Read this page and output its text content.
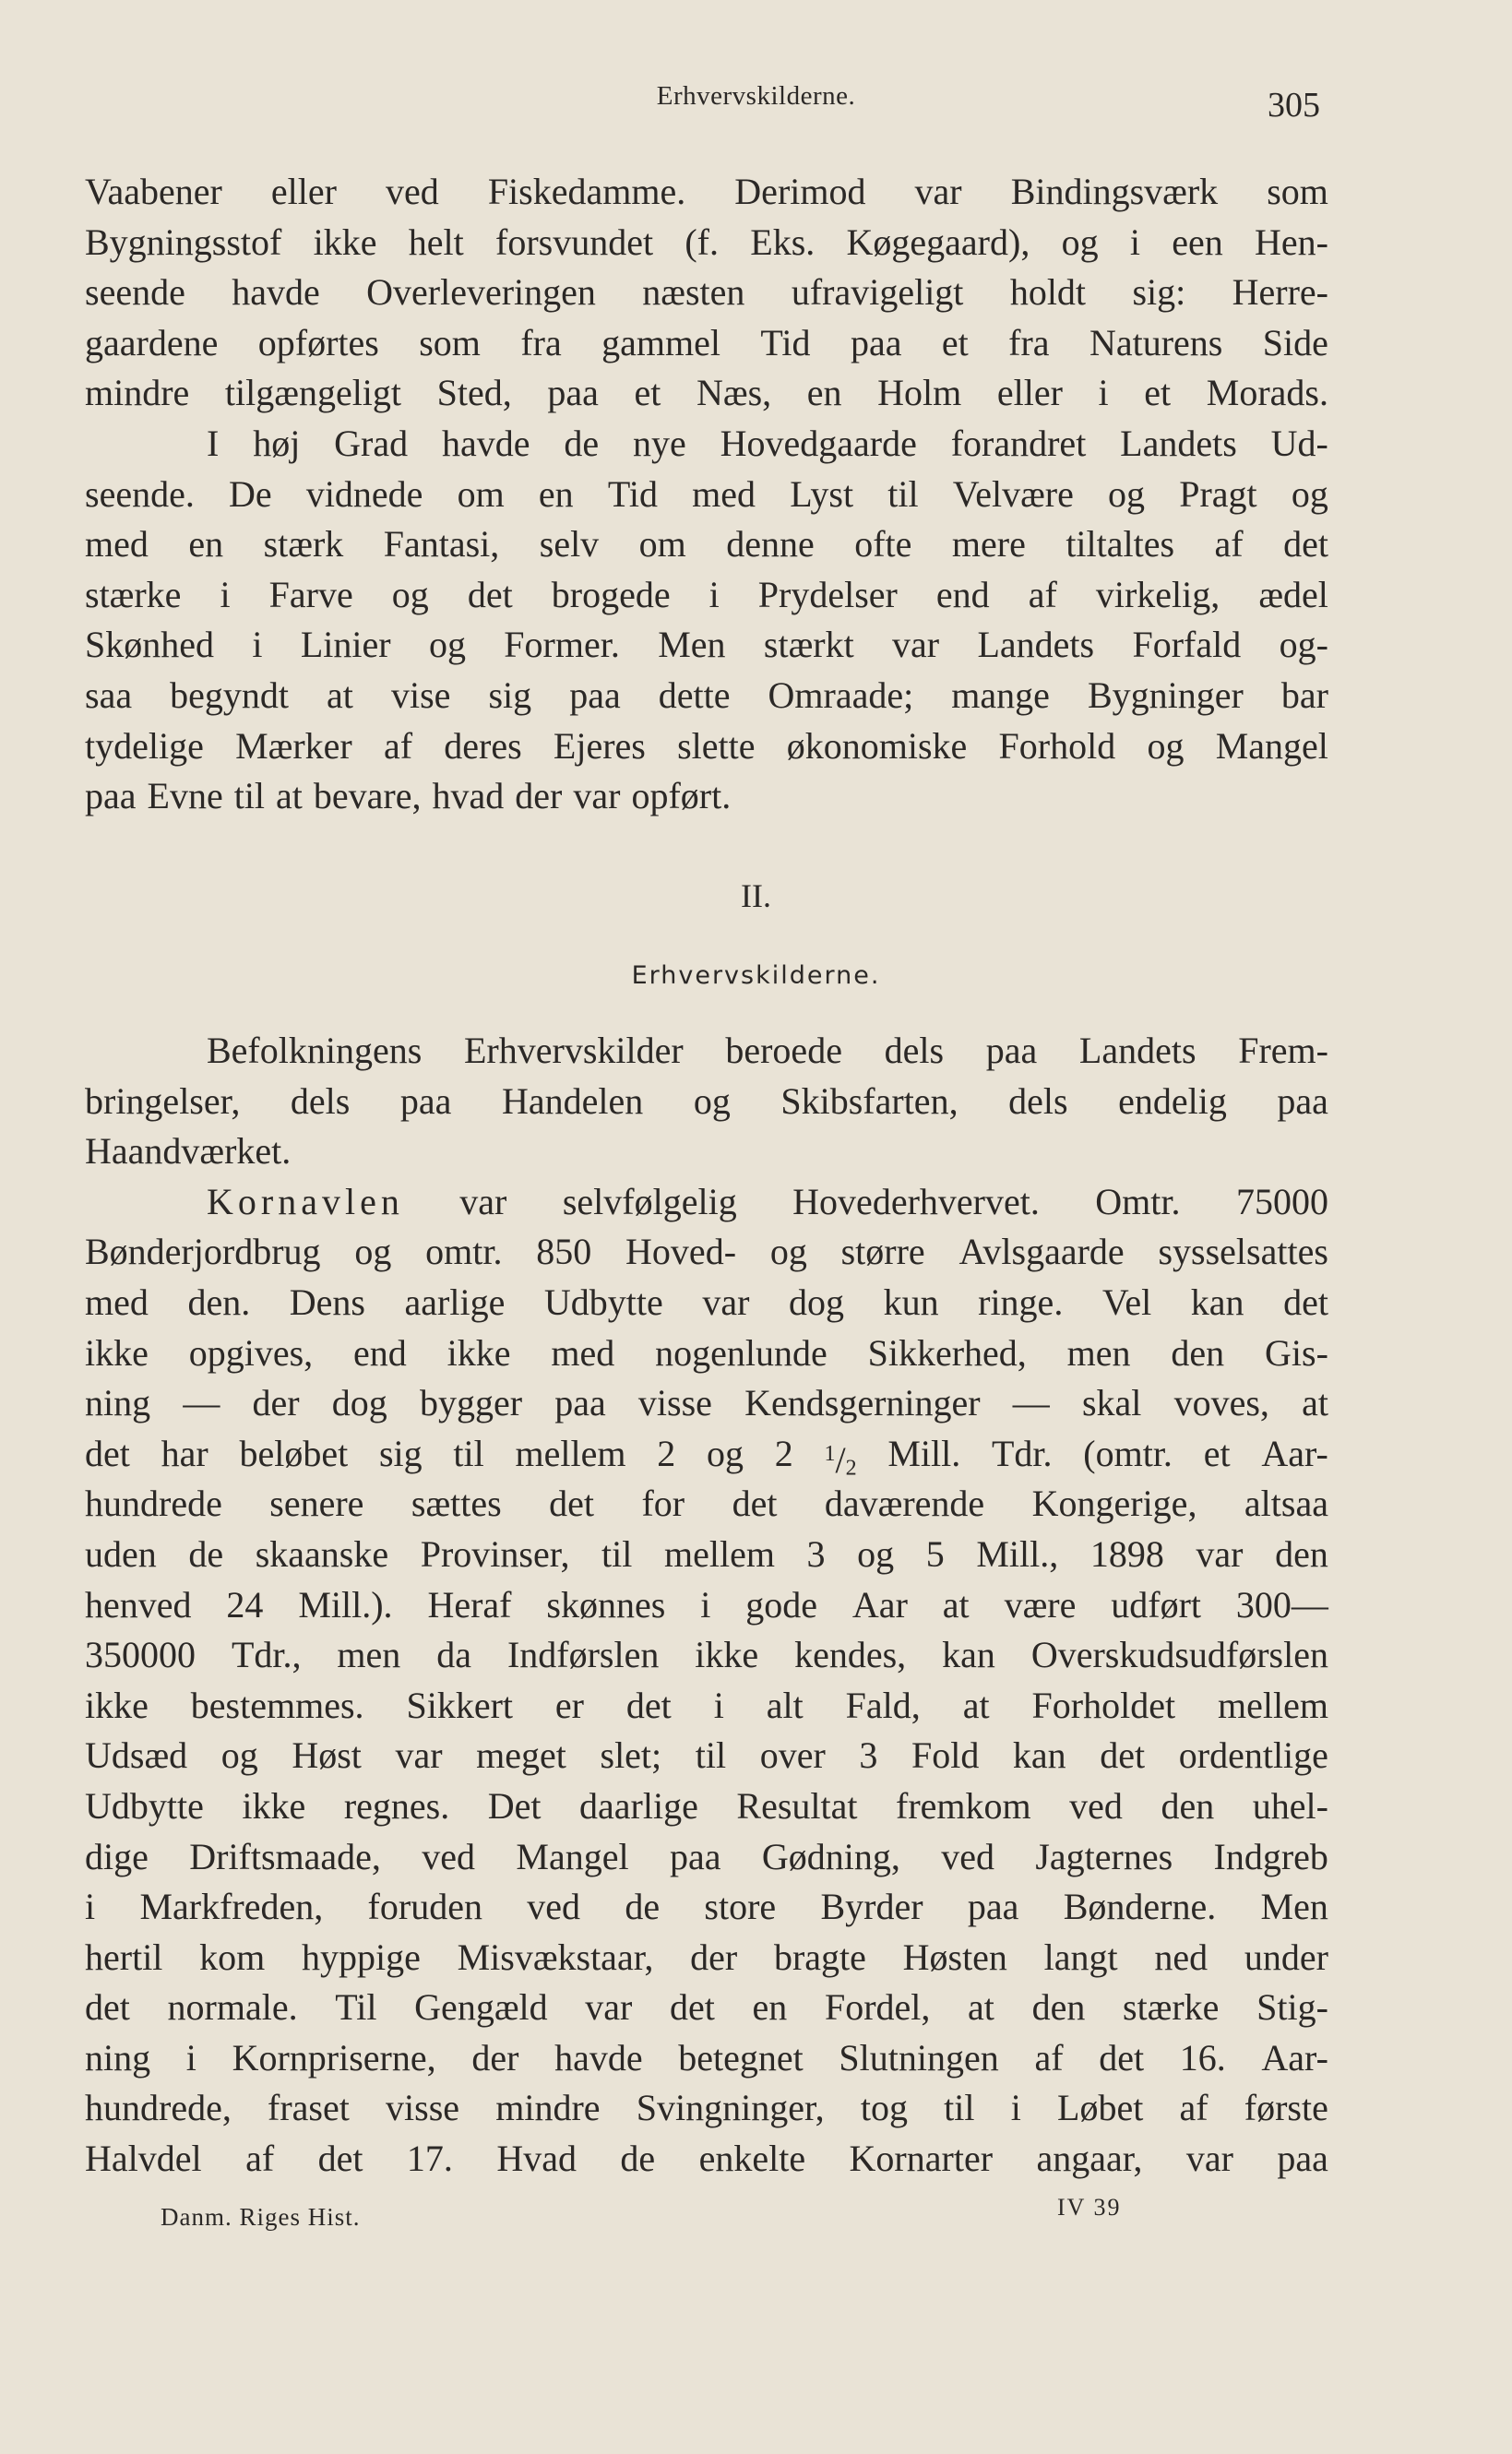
Erhvervskilderne.	305
Vaabener eller ved Fiskedamme. Derimod var Bindingsværk som
Bygningsstof ikke helt forsvundet (f. Eks. Køgegaard), og i een Hen-
seende havde Overleveringen næsten ufravigeligt holdt sig: Herre-
gaardene opførtes som fra gammel Tid paa et fra Naturens Side
mindre tilgængeligt Sted, paa et Næs, en Holm eller i et Morads.
I høj Grad havde de nye Hovedgaarde forandret Landets Ud-
seende. De vidnede om en Tid med Lyst til Velvære og Pragt og
med en stærk Fantasi, selv om denne ofte mere tiltaltes af det
stærke i Farve og det brogede i Prydelser end af virkelig, ædel
Skønhed i Linier og Former. Men stærkt var Landets Forfald og-
saa begyndt at vise sig paa dette Omraade; mange Bygninger bar
tydelige Mærker af deres Ejeres slette økonomiske Forhold og Mangel
paa Evne til at bevare, hvad der var opført.
II.
Erhvervskilderne.
Befolkningens Erhvervskilder beroede dels paa Landets Frem-
bringelser, dels paa Handelen og Skibsfarten, dels endelig paa
Haandværket.
Kornavlen var selvfølgelig Hovederhvervet. Omtr. 75000
Bønderjordbrug og omtr. 850 Hoved- og større Avlsgaarde sysselsattes
med den. Dens aarlige Udbytte var dog kun ringe. Vel kan det
ikke opgives, end ikke med nogenlunde Sikkerhed, men den Gis-
ning — der dog bygger paa visse Kendsgerninger — skal voves, at
det har beløbet sig til mellem 2 og 2 $^1$/2 Mill. Tdr. (omtr. et Aar-
hundrede senere sættes det for det daværende Kongerige, altsaa
uden de skaanske Provinser, til mellem 3 og 5 Mill., 1898 var den
henved 24 Mill.). Heraf skønnes i gode Aar at være udført 300—
350000 Tdr., men da Indførslen ikke kendes, kan Overskudsudførslen
ikke bestemmes. Sikkert er det i alt Fald, at Forholdet mellem
Udsæd og Høst var meget slet; til over 3 Fold kan det ordentlige
Udbytte ikke regnes. Det daarlige Resultat fremkom ved den uhel-
dige Driftsmaade, ved Mangel paa Gødning, ved Jagternes Indgreb
i Markfreden, foruden ved de store Byrder paa Bønderne. Men
hertil kom hyppige Misvækstaar, der bragte Høsten langt ned under
det normale. Til Gengæld var det en Fordel, at den stærke Stig-
ning i Kornpriserne, der havde betegnet Slutningen af det 16. Aar-
hundrede, fraset visse mindre Svingninger, tog til i Løbet af første
Halvdel af det 17. Hvad de enkelte Kornarter angaar, var paa
Danm. Riges Hist.	IV 39
